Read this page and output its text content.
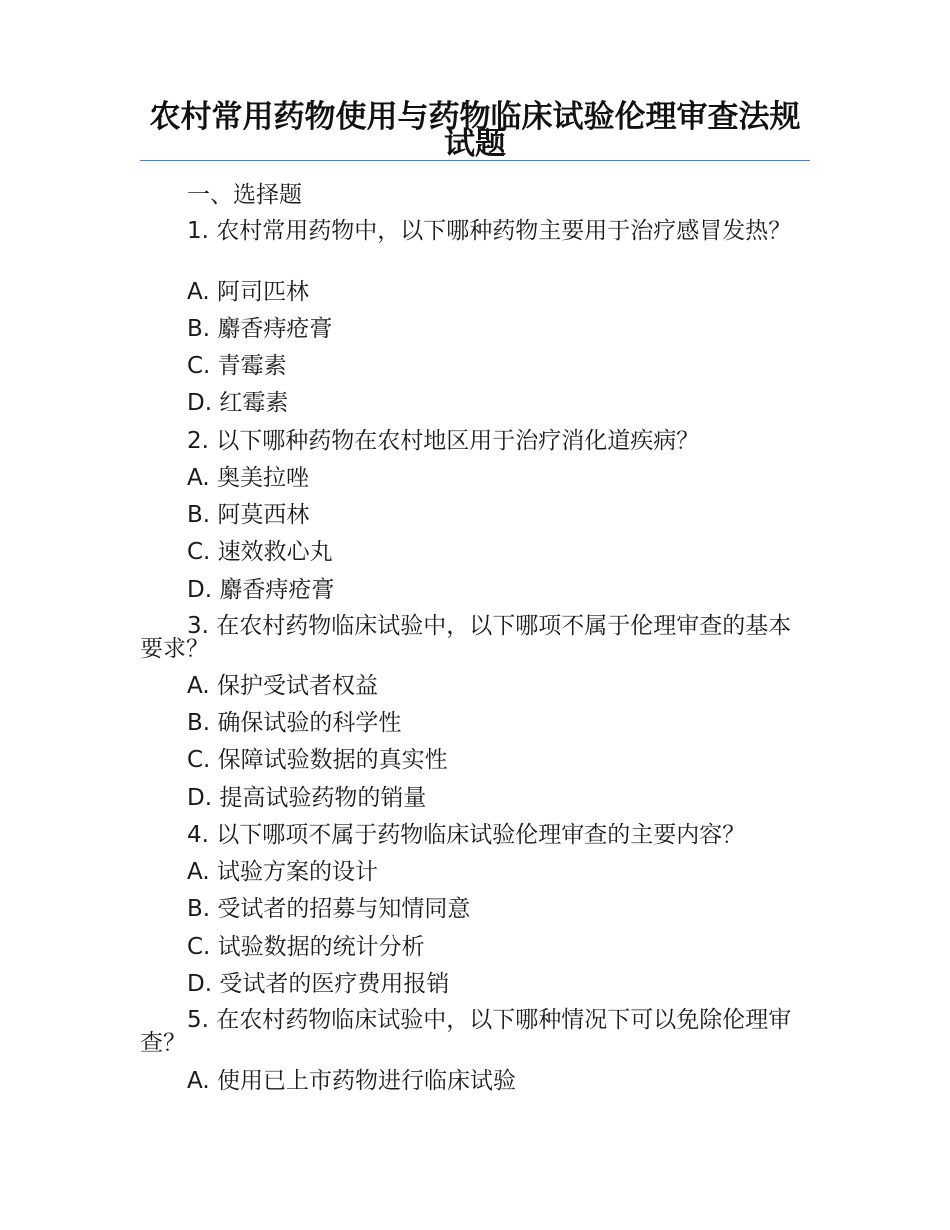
农村常用药物使用与药物临床试验伦理审查法规试题
一、选择题
1. 农村常用药物中，以下哪种药物主要用于治疗感冒发热？
A. 阿司匹林
B. 麝香痔疮膏
C. 青霉素
D. 红霉素
2. 以下哪种药物在农村地区用于治疗消化道疾病？
A. 奥美拉唑
B. 阿莫西林
C. 速效救心丸
D. 麝香痔疮膏
3. 在农村药物临床试验中，以下哪项不属于伦理审查的基本要求？
A. 保护受试者权益
B. 确保试验的科学性
C. 保障试验数据的真实性
D. 提高试验药物的销量
4. 以下哪项不属于药物临床试验伦理审查的主要内容？
A. 试验方案的设计
B. 受试者的招募与知情同意
C. 试验数据的统计分析
D. 受试者的医疗费用报销
5. 在农村药物临床试验中，以下哪种情况下可以免除伦理审查？
A. 使用已上市药物进行临床试验
